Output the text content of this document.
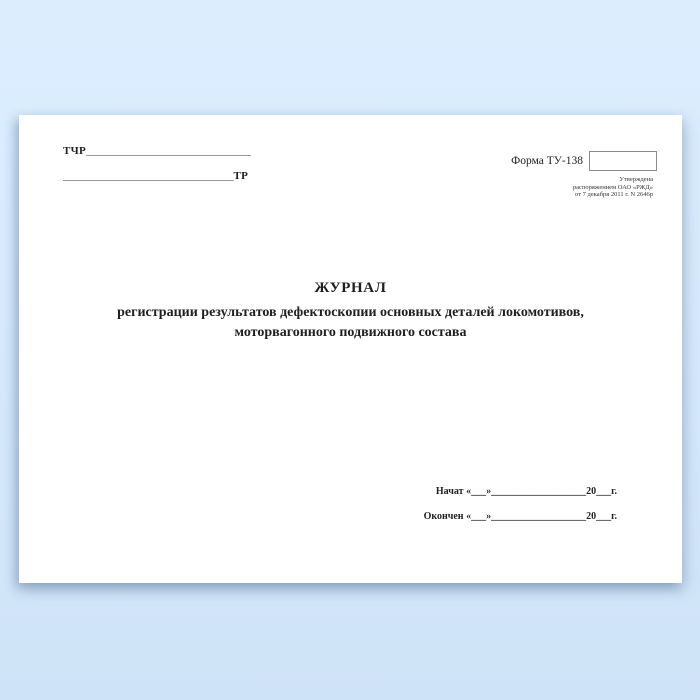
ТЧР______________________________
_______________________________ТР
Форма ТУ-138
Утверждена
распоряжением ОАО «РЖД»
от 7 декабря 2011 г. N 2646р
ЖУРНАЛ
регистрации результатов дефектоскопии основных деталей локомотивов,
моторвагонного подвижного состава
Начат «___»___________________20___г.
Окончен «___»___________________20___г.
